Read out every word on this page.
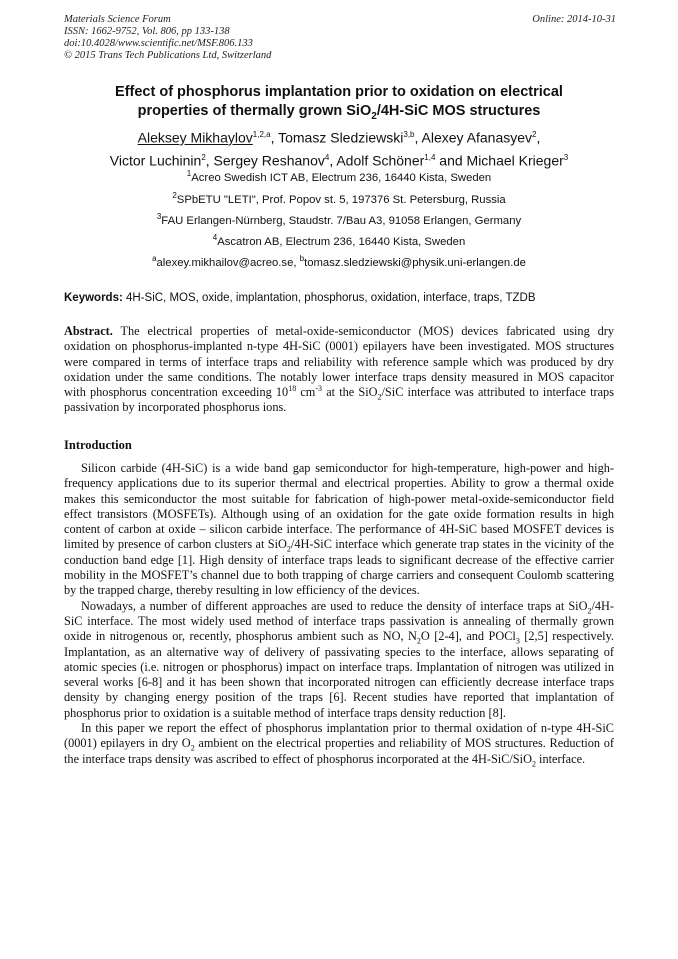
Materials Science Forum
ISSN: 1662-9752, Vol. 806, pp 133-138
doi:10.4028/www.scientific.net/MSF.806.133
© 2015 Trans Tech Publications Ltd, Switzerland
Online: 2014-10-31
Effect of phosphorus implantation prior to oxidation on electrical
properties of thermally grown SiO$_2$/4H-SiC MOS structures
Aleksey Mikhaylov$^{1,2,a}$, Tomasz Sledziewski$^{3,b}$, Alexey Afanasyev$^2$,
Victor Luchinin$^2$, Sergey Reshanov$^4$, Adolf Schöner$^{1,4}$ and Michael Krieger$^3$
$^1$Acreo Swedish ICT AB, Electrum 236, 16440 Kista, Sweden
$^2$SPbETU "LETI", Prof. Popov st. 5, 197376 St. Petersburg, Russia
$^3$FAU Erlangen-Nürnberg, Staudstr. 7/Bau A3, 91058 Erlangen, Germany
$^4$Ascatron AB, Electrum 236, 16440 Kista, Sweden
$^a$alexey.mikhailov@acreo.se, $^b$tomasz.sledziewski@physik.uni-erlangen.de
Keywords: 4H-SiC, MOS, oxide, implantation, phosphorus, oxidation, interface, traps, TZDB

Abstract. The electrical properties of metal-oxide-semiconductor (MOS) devices fabricated using dry oxidation on phosphorus-implanted n-type 4H-SiC (0001) epilayers have been investigated. MOS structures were compared in terms of interface traps and reliability with reference sample which was produced by dry oxidation under the same conditions. The notably lower interface traps density measured in MOS capacitor with phosphorus concentration exceeding $10^{18}$ $cm^{-3}$ at the SiO$_2$/SiC interface was attributed to interface traps passivation by incorporated phosphorus ions.

Introduction

Silicon carbide (4H-SiC) is a wide band gap semiconductor for high-temperature, high-power and high-frequency applications due to its superior thermal and electrical properties. Ability to grow a thermal oxide makes this semiconductor the most suitable for fabrication of high-power metal-oxide-semiconductor field effect transistors (MOSFETs). Although using of an oxidation for the gate oxide formation results in high content of carbon at oxide – silicon carbide interface. The performance of 4H-SiC based MOSFET devices is limited by presence of carbon clusters at SiO$_2$/4H-SiC interface which generate trap states in the vicinity of the conduction band edge [1]. High density of interface traps leads to significant decrease of the effective carrier mobility in the MOSFET’s channel due to both trapping of charge carriers and consequent Coulomb scattering by the trapped charge, thereby resulting in low efficiency of the devices.

Nowadays, a number of different approaches are used to reduce the density of interface traps at SiO$_2$/4H-SiC interface. The most widely used method of interface traps passivation is annealing of thermally grown oxide in nitrogenous or, recently, phosphorus ambient such as NO, $N_2O$ [2-4], and POCl$_3$ [2,5] respectively. Implantation, as an alternative way of delivery of passivating species to the interface, allows separating of atomic species (i.e. nitrogen or phosphorus) impact on interface traps. Implantation of nitrogen was utilized in several works [6-8] and it has been shown that incorporated nitrogen can efficiently decrease interface traps density by changing energy position of the traps [6]. Recent studies have reported that implantation of phosphorus prior to oxidation is a suitable method of interface traps density reduction [8].

In this paper we report the effect of phosphorus implantation prior to thermal oxidation of n-type 4H-SiC (0001) epilayers in dry $O_2$ ambient on the electrical properties and reliability of MOS structures. Reduction of the interface traps density was ascribed to effect of phosphorus incorporated at the 4H-SiC/SiO$_2$ interface.
